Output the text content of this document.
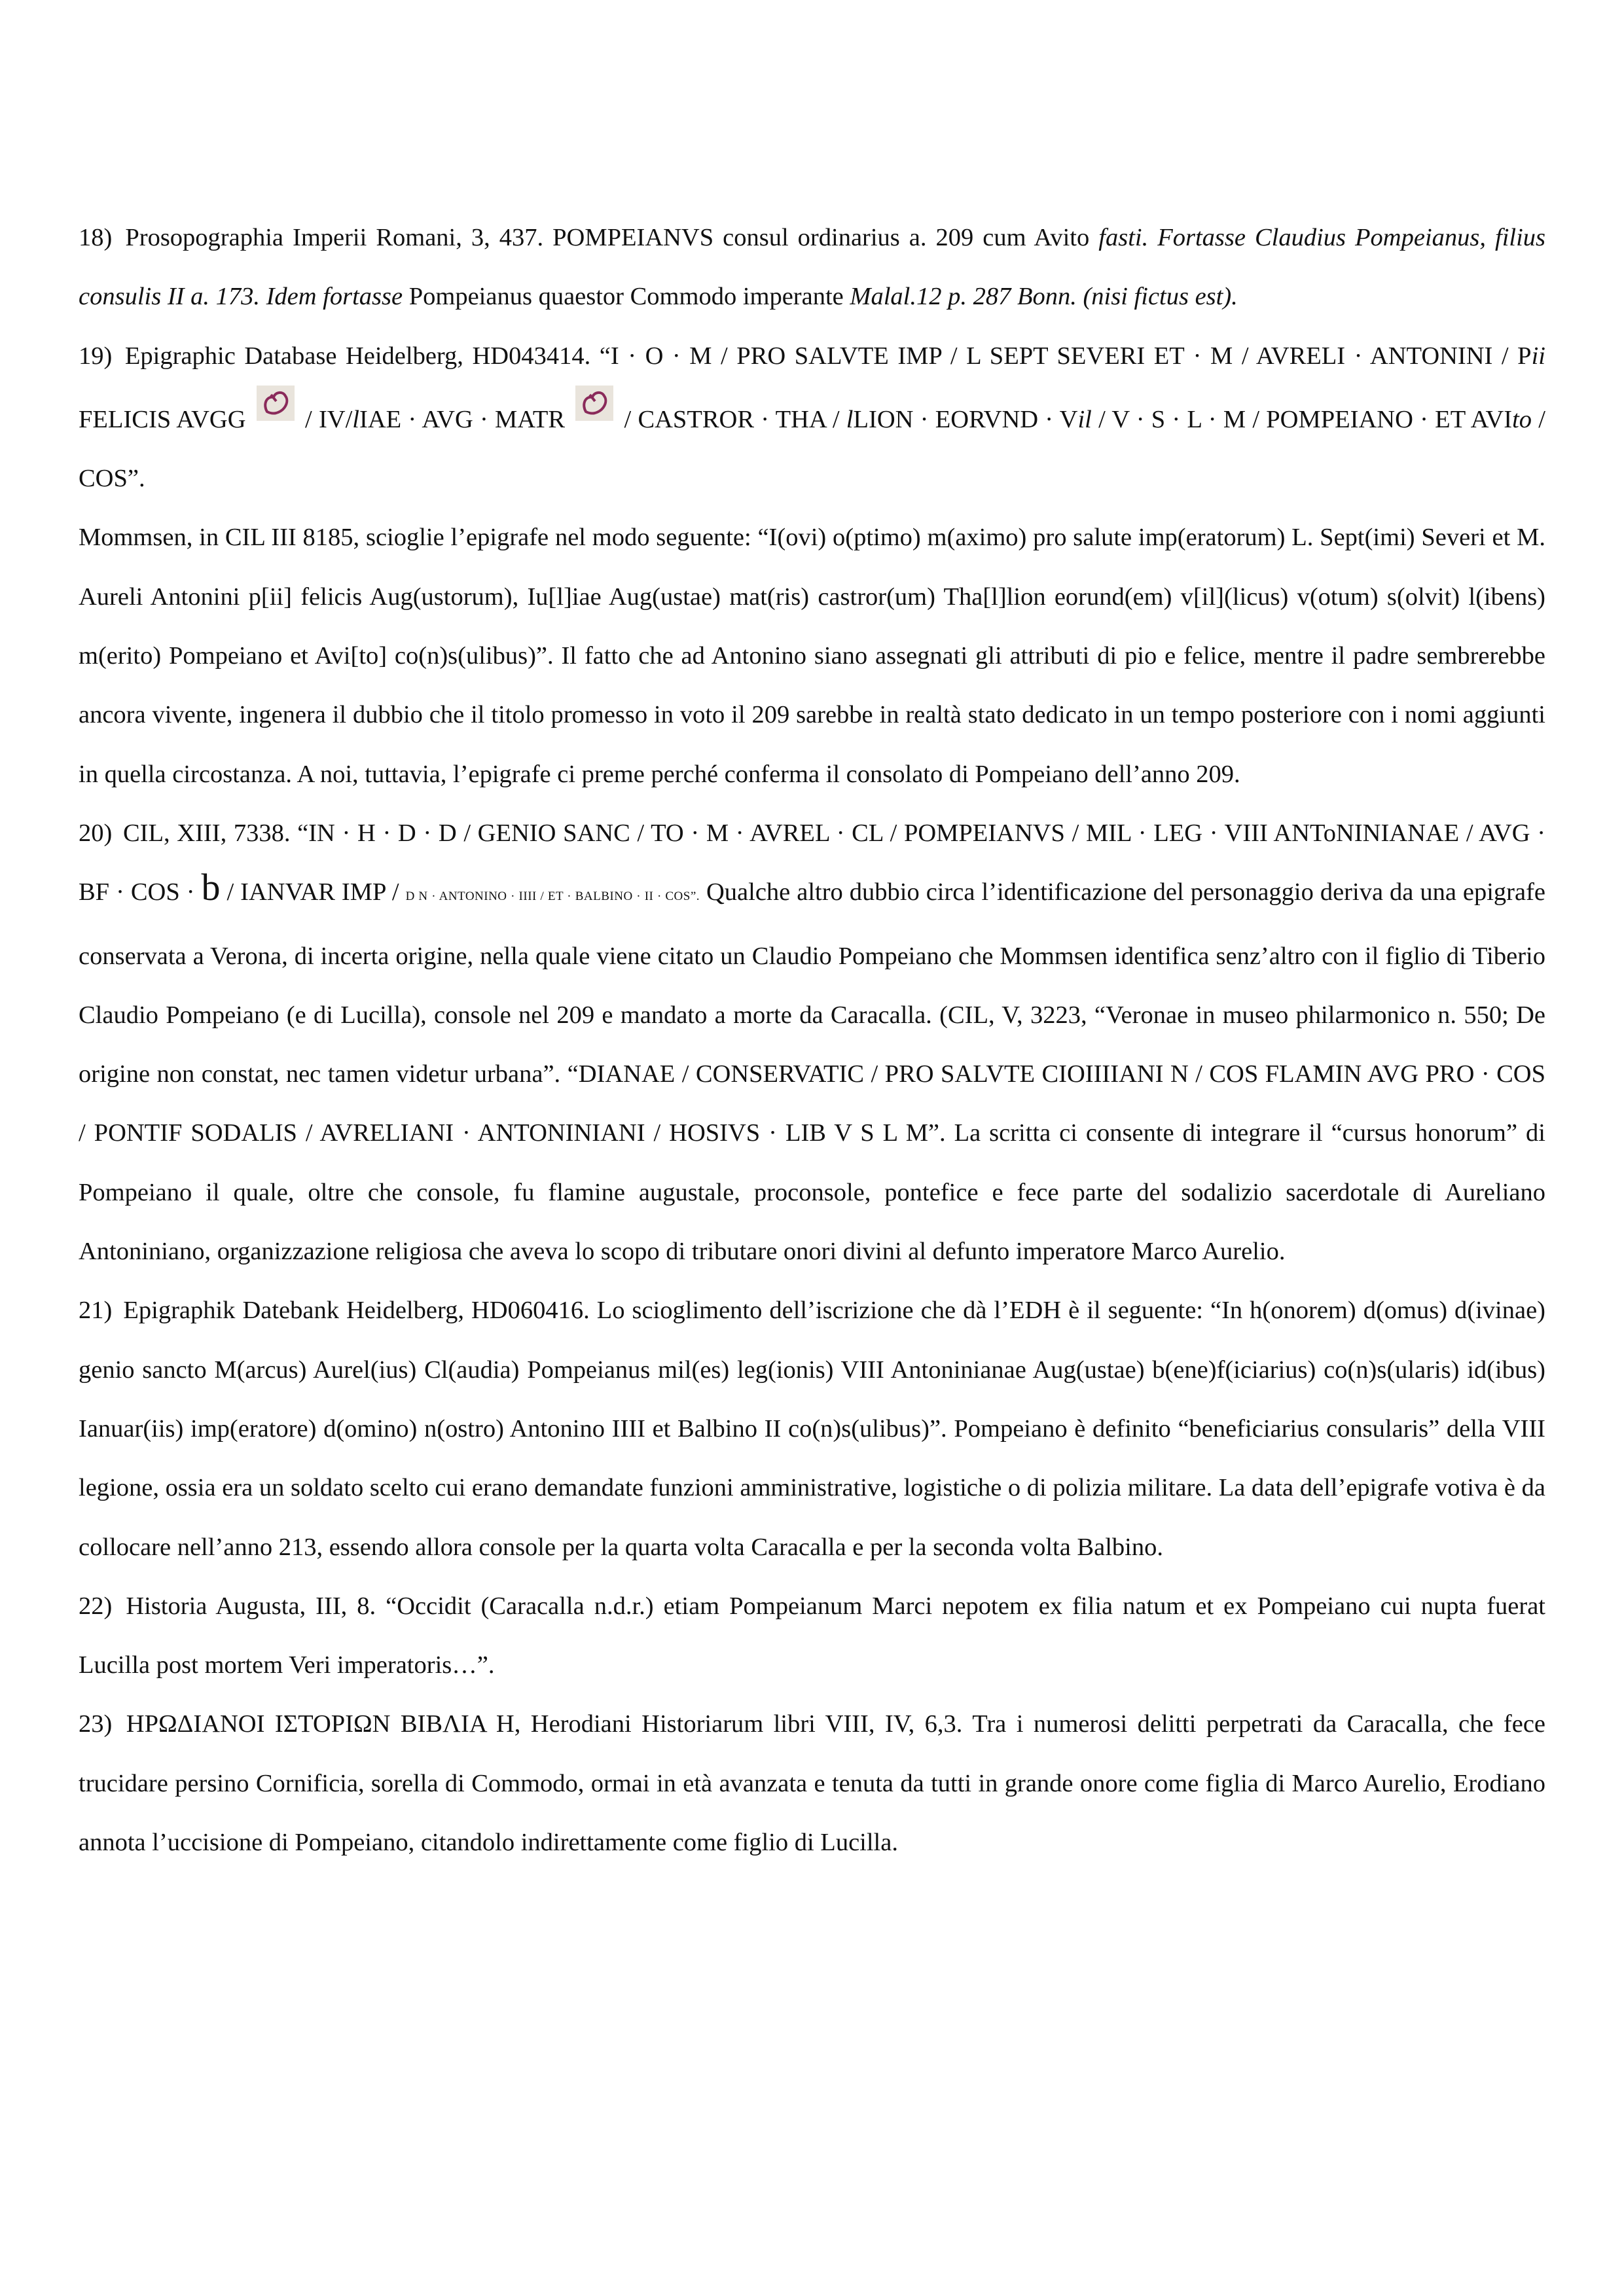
18) Prosopographia Imperii Romani, 3, 437. POMPEIANVS consul ordinarius a. 209 cum Avito fasti. Fortasse Claudius Pompeianus, filius consulis II a. 173. Idem fortasse Pompeianus quaestor Commodo imperante Malal.12 p. 287 Bonn. (nisi fictus est).

19) Epigraphic Database Heidelberg, HD043414. “I · O · M / PRO SALVTE IMP / L SEPT SEVERI ET · M / AVRELI · ANTONINI / Pii FELICIS AVGG
/ IV/lIAE · AVG · MATR
/ CASTROR · THA / lLION · EORVND · Vil / V · S · L · M / POMPEIANO · ET AVIto / COS”.

Mommsen, in CIL III 8185, scioglie l’epigrafe nel modo seguente: “I(ovi) o(ptimo) m(aximo) pro salute imp(eratorum) L. Sept(imi) Severi et M. Aureli Antonini p[ii] felicis Aug(ustorum), Iu[l]iae Aug(ustae) mat(ris) castror(um) Tha[l]lion eorund(em) v[il](licus) v(otum) s(olvit) l(ibens) m(erito) Pompeiano et Avi[to] co(n)s(ulibus)”. Il fatto che ad Antonino siano assegnati gli attributi di pio e felice, mentre il padre sembrerebbe ancora vivente, ingenera il dubbio che il titolo promesso in voto il 209 sarebbe in realtà stato dedicato in un tempo posteriore con i nomi aggiunti in quella circostanza. A noi, tuttavia, l’epigrafe ci preme perché conferma il consolato di Pompeiano dell’anno 209.

20) CIL, XIII, 7338. “IN · H · D · D / GENIO SANC / TO · M · AVREL · CL / POMPEIANVS / MIL · LEG · VIII ANToNINIANAE / AVG · BF · COS · b / IANVAR IMP / D N · ANTONINO · IIII / ET · BALBINO · II · COS”. Qualche altro dubbio circa l’identificazione del personaggio deriva da una epigrafe conservata a Verona, di incerta origine, nella quale viene citato un Claudio Pompeiano che Mommsen identifica senz’altro con il figlio di Tiberio Claudio Pompeiano (e di Lucilla), console nel 209 e mandato a morte da Caracalla. (CIL, V, 3223, “Veronae in museo philarmonico n. 550; De origine non constat, nec tamen videtur urbana”. “DIANAE / CONSERVATIC / PRO SALVTE CIOIIIIANI N / COS FLAMIN AVG PRO · COS / PONTIF SODALIS / AVRELIANI · ANTONINIANI / HOSIVS · LIB V S L M”. La scritta ci consente di integrare il “cursus honorum” di Pompeiano il quale, oltre che console, fu flamine augustale, proconsole, pontefice e fece parte del sodalizio sacerdotale di Aureliano Antoniniano, organizzazione religiosa che aveva lo scopo di tributare onori divini al defunto imperatore Marco Aurelio.

21) Epigraphik Datebank Heidelberg, HD060416. Lo scioglimento dell’iscrizione che dà l’EDH è il seguente: “In h(onorem) d(omus) d(ivinae) genio sancto M(arcus) Aurel(ius) Cl(audia) Pompeianus mil(es) leg(ionis) VIII Antoninianae Aug(ustae) b(ene)f(iciarius) co(n)s(ularis) id(ibus) Ianuar(iis) imp(eratore) d(omino) n(ostro) Antonino IIII et Balbino II co(n)s(ulibus)”. Pompeiano è definito “beneficiarius consularis” della VIII legione, ossia era un soldato scelto cui erano demandate funzioni amministrative, logistiche o di polizia militare. La data dell’epigrafe votiva è da collocare nell’anno 213, essendo allora console per la quarta volta Caracalla e per la seconda volta Balbino.

22) Historia Augusta, III, 8. “Occidit (Caracalla n.d.r.) etiam Pompeianum Marci nepotem ex filia natum et ex Pompeiano cui nupta fuerat Lucilla post mortem Veri imperatoris…”.

23) ΗΡΩΔΙΑΝΟΙ ΙΣΤΟΡΙΩΝ ΒΙΒΛΙΑ Η, Herodiani Historiarum libri VIII, IV, 6,3. Tra i numerosi delitti perpetrati da Caracalla, che fece trucidare persino Cornificia, sorella di Commodo, ormai in età avanzata e tenuta da tutti in grande onore come figlia di Marco Aurelio, Erodiano annota l’uccisione di Pompeiano, citandolo indirettamente come figlio di Lucilla.
